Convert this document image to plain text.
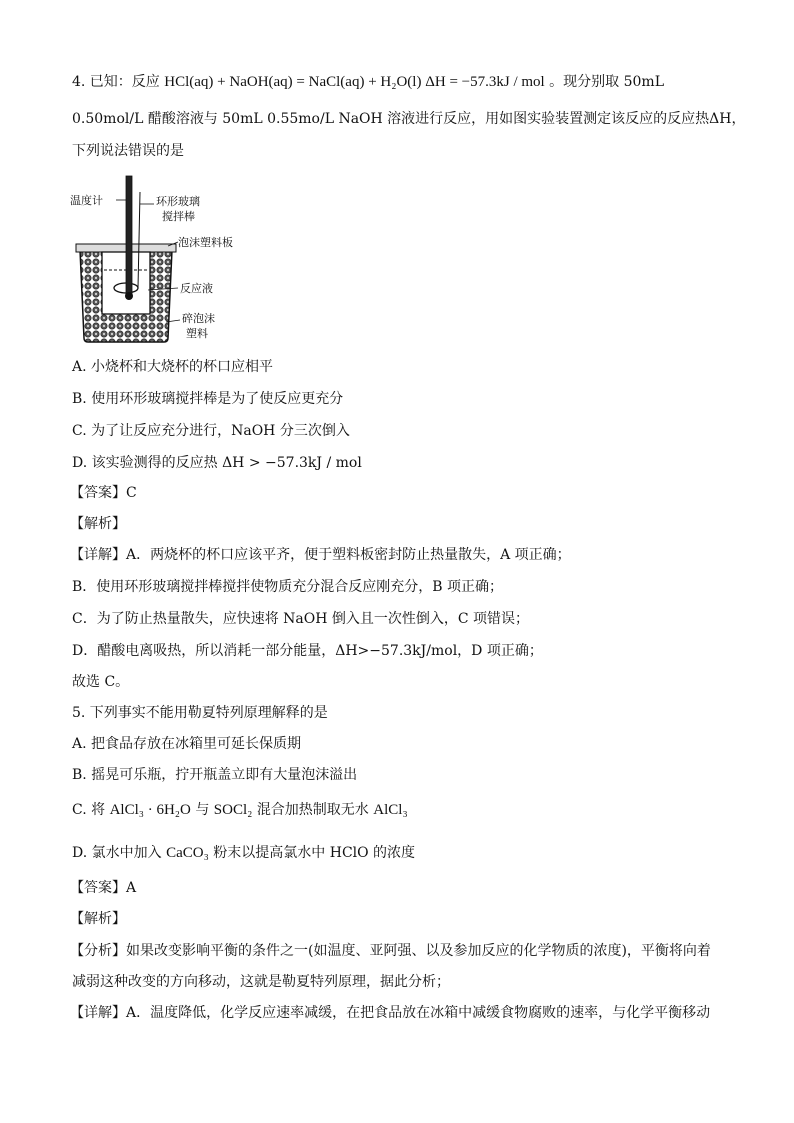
4. 已知：反应 HCl(aq) + NaOH(aq) = NaCl(aq) + H₂O(l) ΔH = −57.3kJ / mol 。现分别取 50mL
0.50mol/L 醋酸溶液与 50mL 0.55mo/L NaOH 溶液进行反应，用如图实验装置测定该反应的反应热ΔH，
下列说法错误的是
温度计	环形玻璃
搅拌棒
泡沫塑料板
反应液
碎泡沫
塑料
A. 小烧杯和大烧杯的杯口应相平
B. 使用环形玻璃搅拌棒是为了使反应更充分
C. 为了让反应充分进行，NaOH 分三次倒入
D. 该实验测得的反应热 ΔH > −57.3kJ / mol
【答案】C
【解析】
【详解】A．两烧杯的杯口应该平齐，便于塑料板密封防止热量散失，A 项正确；
B．使用环形玻璃搅拌棒搅拌使物质充分混合反应刚充分，B 项正确；
C．为了防止热量散失，应快速将 NaOH 倒入且一次性倒入，C 项错误；
D．醋酸电离吸热，所以消耗一部分能量，ΔH>−57.3kJ/mol，D 项正确；
故选 C。
5. 下列事实不能用勒夏特列原理解释的是
A. 把食品存放在冰箱里可延长保质期
B. 摇晃可乐瓶，拧开瓶盖立即有大量泡沫溢出
C. 将 AlCl₃ · 6H₂O 与 SOCl₂ 混合加热制取无水 AlCl₃
D. 氯水中加入 CaCO₃ 粉末以提高氯水中 HClO 的浓度
【答案】A
【解析】
【分析】如果改变影响平衡的条件之一(如温度、亚阿强、以及参加反应的化学物质的浓度)，平衡将向着
减弱这种改变的方向移动，这就是勒夏特列原理，据此分析；
【详解】A．温度降低，化学反应速率减缓，在把食品放在冰箱中减缓食物腐败的速率，与化学平衡移动
